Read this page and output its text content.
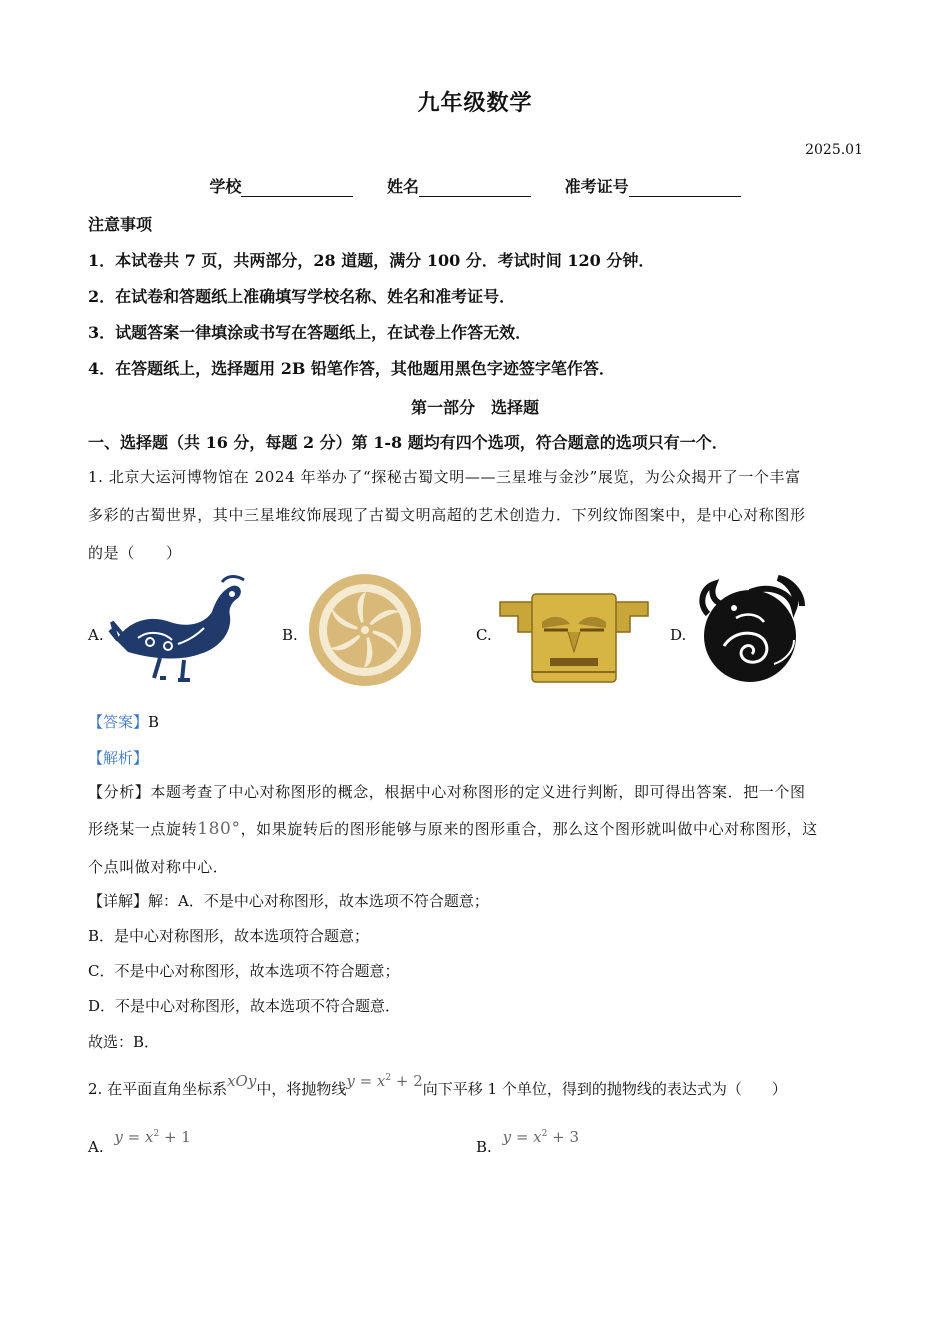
九年级数学
2025.01
学校	姓名	准考证号
注意事项
1．本试卷共 7 页，共两部分，28 道题，满分 100 分．考试时间 120 分钟．
2．在试卷和答题纸上准确填写学校名称、姓名和准考证号．
3．试题答案一律填涂或书写在答题纸上，在试卷上作答无效．
4．在答题纸上，选择题用 2B 铅笔作答，其他题用黑色字迹签字笔作答．
第一部分　选择题
一、选择题（共 16 分，每题 2 分）第 1-8 题均有四个选项，符合题意的选项只有一个．
1. 北京大运河博物馆在 2024 年举办了“探秘古蜀文明——三星堆与金沙”展览，为公众揭开了一个丰富
多彩的古蜀世界，其中三星堆纹饰展现了古蜀文明高超的艺术创造力．下列纹饰图案中，是中心对称图形
的是（　　）
A.	B.	C.	D.
【答案】B
【解析】
【分析】本题考查了中心对称图形的概念，根据中心对称图形的定义进行判断，即可得出答案．把一个图
形绕某一点旋转180°，如果旋转后的图形能够与原来的图形重合，那么这个图形就叫做中心对称图形，这
个点叫做对称中心．
【详解】解：A．不是中心对称图形，故本选项不符合题意；
B．是中心对称图形，故本选项符合题意；
C．不是中心对称图形，故本选项不符合题意；
D．不是中心对称图形，故本选项不符合题意．
故选：B．
2. 在平面直角坐标系xOy中，将抛物线$y = x^2 + 2$向下平移 1 个单位，得到的抛物线的表达式为（　　）
A. $y = x^2 + 1$
B. $y = x^2 + 3$
